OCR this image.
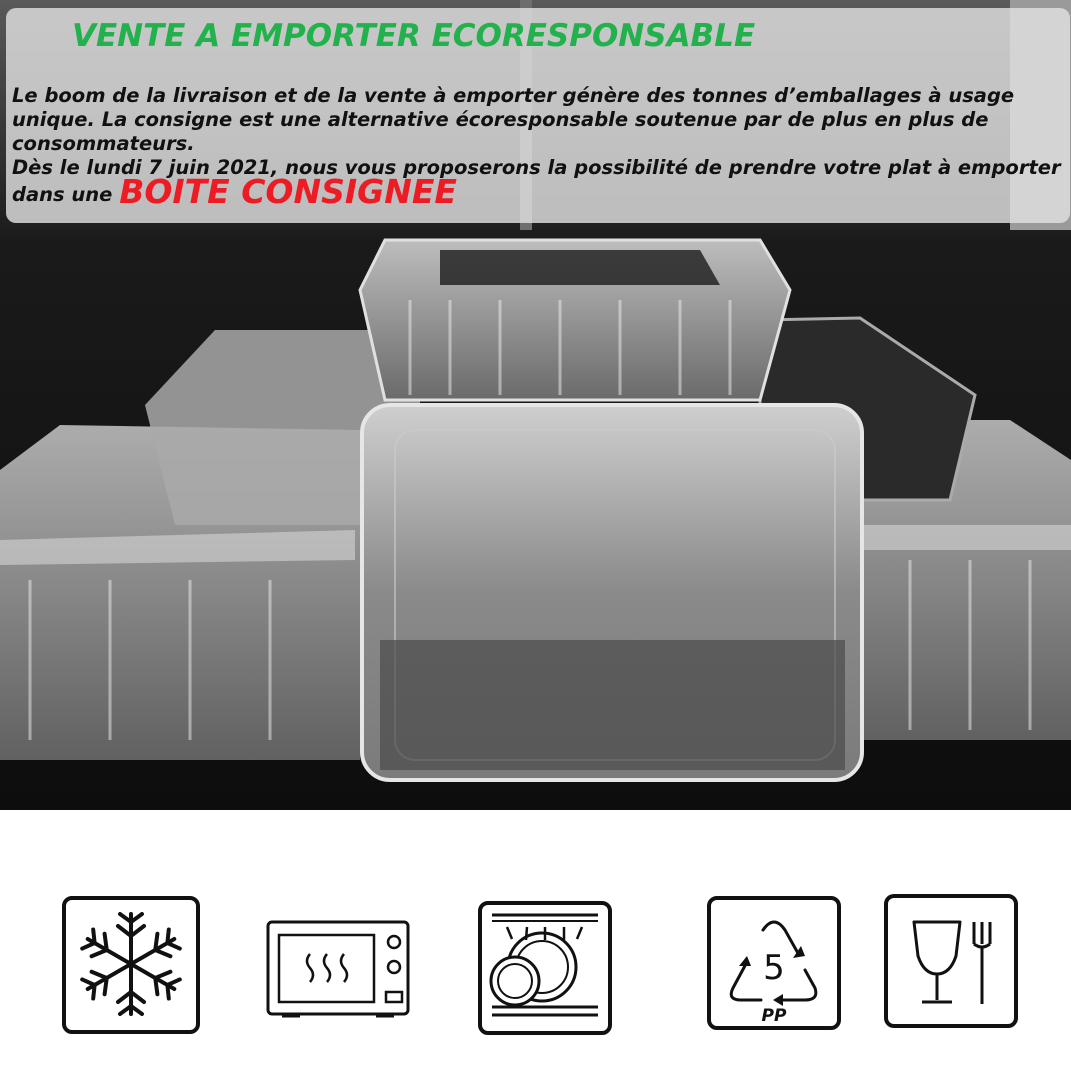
VENTE A EMPORTER ECORESPONSABLE

Le boom de la livraison et de la vente à emporter génère des tonnes d’emballages à usage unique. La consigne est une alternative écoresponsable soutenue par de plus en plus de consommateurs.

Dès le lundi 7 juin 2021, nous vous proposerons la possibilité de prendre votre plat à emporter dans une BOITE CONSIGNEE

5
PP
